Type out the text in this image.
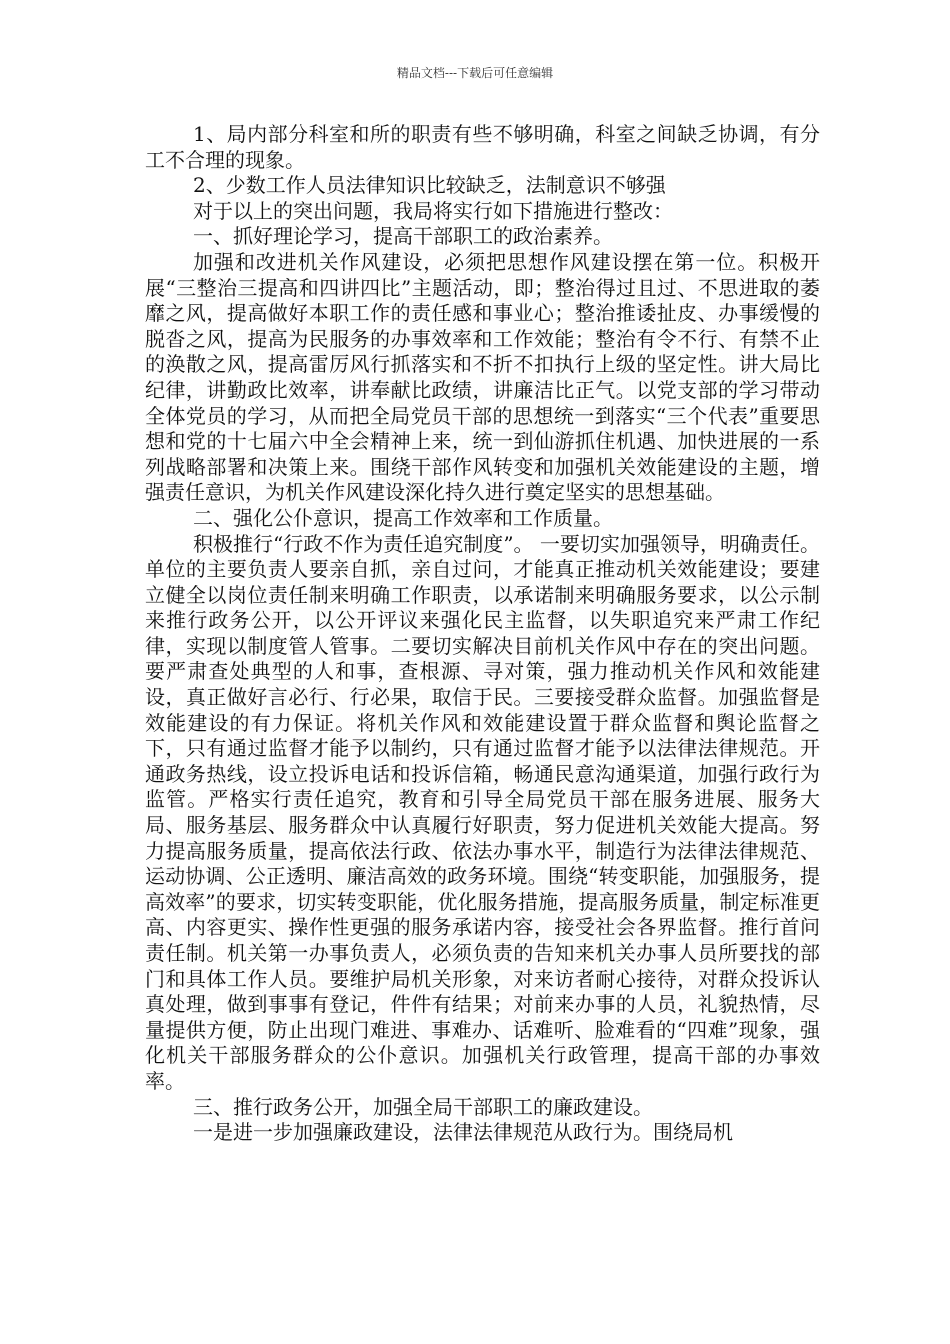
精品文档---下载后可任意编辑

1、局内部分科室和所的职责有些不够明确，科室之间缺乏协调，有分工不合理的现象。

2、少数工作人员法律知识比较缺乏，法制意识不够强

对于以上的突出问题，我局将实行如下措施进行整改：

一、抓好理论学习，提高干部职工的政治素养。

加强和改进机关作风建设，必须把思想作风建设摆在第一位。积极开展“三整治三提高和四讲四比”主题活动，即；整治得过且过、不思进取的萎靡之风，提高做好本职工作的责任感和事业心；整治推诿扯皮、办事缓慢的脱沓之风，提高为民服务的办事效率和工作效能；整治有令不行、有禁不止的涣散之风，提高雷厉风行抓落实和不折不扣执行上级的坚定性。讲大局比纪律，讲勤政比效率，讲奉献比政绩，讲廉洁比正气。以党支部的学习带动全体党员的学习，从而把全局党员干部的思想统一到落实“三个代表”重要思想和党的十七届六中全会精神上来，统一到仙游抓住机遇、加快进展的一系列战略部署和决策上来。围绕干部作风转变和加强机关效能建设的主题，增强责任意识，为机关作风建设深化持久进行奠定坚实的思想基础。

二、强化公仆意识，提高工作效率和工作质量。

积极推行“行政不作为责任追究制度”。 一要切实加强领导，明确责任。单位的主要负责人要亲自抓，亲自过问，才能真正推动机关效能建设；要建立健全以岗位责任制来明确工作职责，以承诺制来明确服务要求，以公示制来推行政务公开，以公开评议来强化民主监督，以失职追究来严肃工作纪律，实现以制度管人管事。二要切实解决目前机关作风中存在的突出问题。要严肃查处典型的人和事，查根源、寻对策，强力推动机关作风和效能建设，真正做好言必行、行必果，取信于民。三要接受群众监督。加强监督是效能建设的有力保证。将机关作风和效能建设置于群众监督和舆论监督之下，只有通过监督才能予以制约，只有通过监督才能予以法律法律规范。开通政务热线，设立投诉电话和投诉信箱，畅通民意沟通渠道，加强行政行为监管。严格实行责任追究，教育和引导全局党员干部在服务进展、服务大局、服务基层、服务群众中认真履行好职责，努力促进机关效能大提高。努力提高服务质量，提高依法行政、依法办事水平，制造行为法律法律规范、运动协调、公正透明、廉洁高效的政务环境。围绕“转变职能，加强服务，提高效率”的要求，切实转变职能，优化服务措施，提高服务质量，制定标准更高、内容更实、操作性更强的服务承诺内容，接受社会各界监督。推行首问责任制。机关第一办事负责人，必须负责的告知来机关办事人员所要找的部门和具体工作人员。要维护局机关形象，对来访者耐心接待，对群众投诉认真处理，做到事事有登记，件件有结果；对前来办事的人员，礼貌热情，尽量提供方便，防止出现门难进、事难办、话难听、脸难看的“四难”现象，强化机关干部服务群众的公仆意识。加强机关行政管理，提高干部的办事效率。

三、推行政务公开，加强全局干部职工的廉政建设。

一是进一步加强廉政建设，法律法律规范从政行为。围绕局机
